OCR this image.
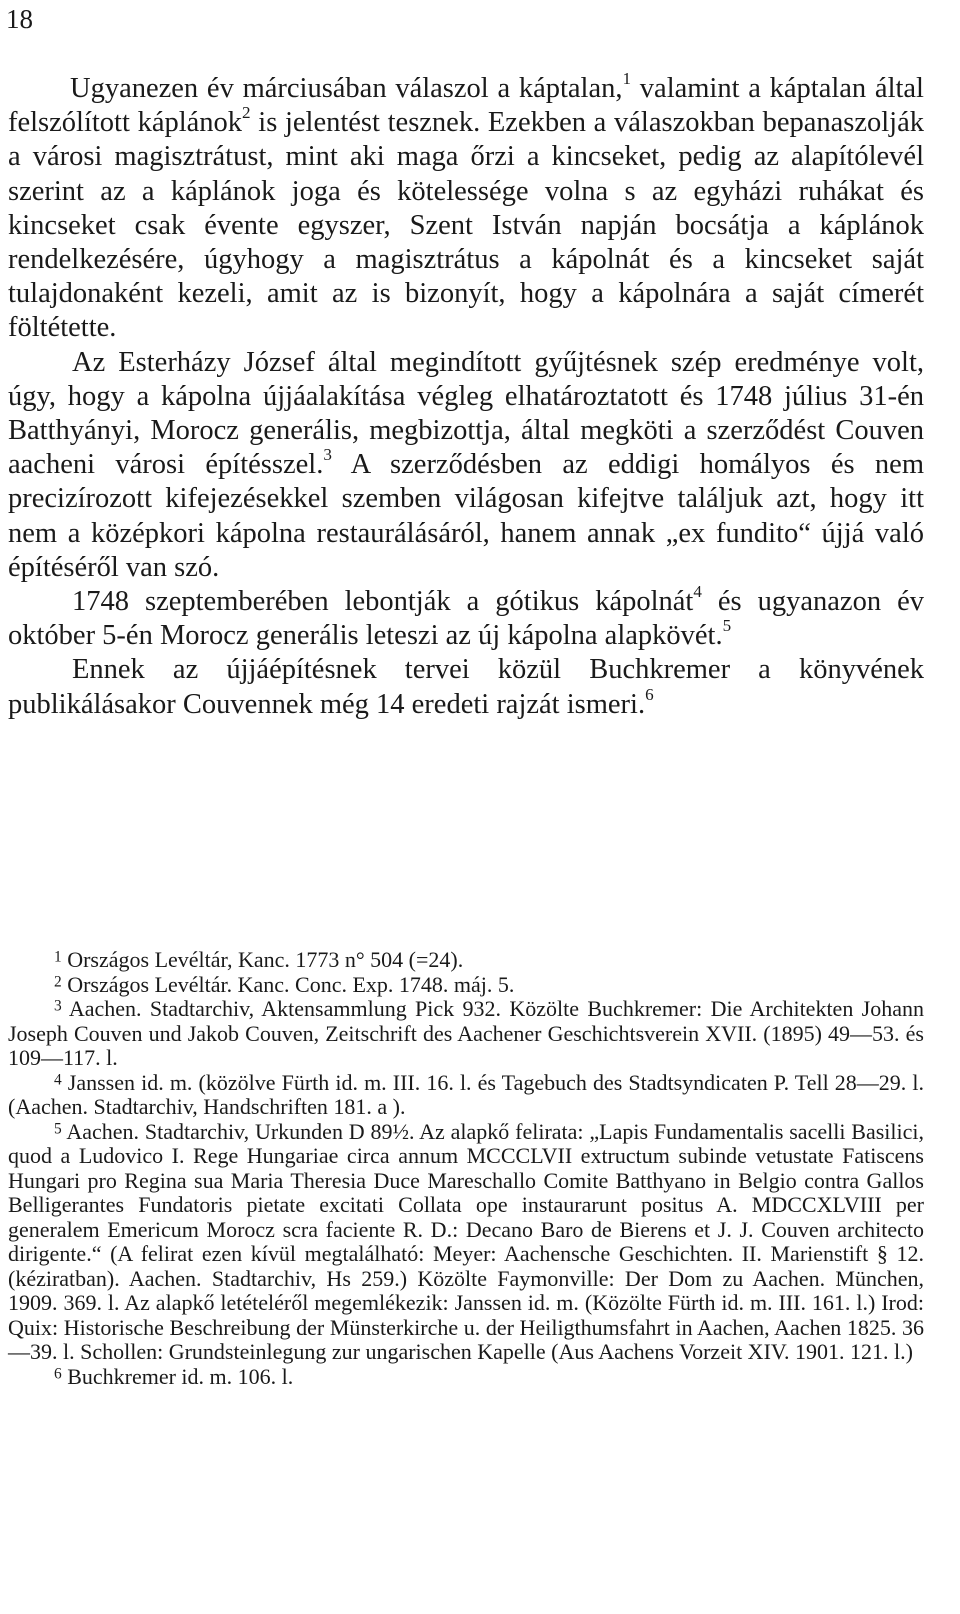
18

Ugyanezen év márciusában válaszol a káptalan,$^1$ valamint a káptalan által felszólított káplánok$^2$ is jelentést tesznek. Ezekben a válaszokban bepanaszolják a városi magisztrátust, mint aki maga őrzi a kincseket, pedig az alapítólevél szerint az a káplánok joga és kötelessége volna s az egyházi ruhákat és kincseket csak évente egyszer, Szent István napján bocsátja a káplánok rendelkezésére, úgyhogy a magisztrátus a kápolnát és a kincseket saját tulajdonaként kezeli, amit az is bizonyít, hogy a kápolnára a saját címerét föltétette.

Az Esterházy József által megindított gyűjtésnek szép eredménye volt, úgy, hogy a kápolna újjáalakítása végleg elhatároztatott és 1748 július 31-én Batthyányi, Morocz generális, megbizottja, által megköti a szerződést Couven aacheni városi építésszel.$^3$ A szerződésben az eddigi homályos és nem precizírozott kifejezésekkel szemben világosan kifejtve találjuk azt, hogy itt nem a középkori kápolna restaurálásáról, hanem annak „ex fundito“ újjá való építéséről van szó.

1748 szeptemberében lebontják a gótikus kápolnát$^4$ és ugyanazon év október 5-én Morocz generális leteszi az új kápolna alapkövét.$^5$

Ennek az újjáépítésnek tervei közül Buchkremer a könyvének publikálásakor Couvennek még 14 eredeti rajzát ismeri.$^6$

$^1$ Országos Levéltár, Kanc. 1773 n° 504 (=24).

$^2$ Országos Levéltár. Kanc. Conc. Exp. 1748. máj. 5.

$^3$ Aachen. Stadtarchiv, Aktensammlung Pick 932. Közölte Buchkremer: Die Architekten Johann Joseph Couven und Jakob Couven, Zeitschrift des Aachener Geschichtsverein XVII. (1895) 49—53. és 109—117. l.

$^4$ Janssen id. m. (közölve Fürth id. m. III. 16. l. és Tagebuch des Stadtsyndicaten P. Tell 28—29. l. (Aachen. Stadtarchiv, Handschriften 181. a ).

$^5$ Aachen. Stadtarchiv, Urkunden D 89½. Az alapkő felirata: „Lapis Fundamentalis sacelli Basilici, quod a Ludovico I. Rege Hungariae circa annum MCCCLVII extructum subinde vetustate Fatiscens Hungari pro Regina sua Maria Theresia Duce Mareschallo Comite Batthyano in Belgio contra Gallos Belligerantes Fundatoris pietate excitati Collata ope instaurarunt positus A. MDCCXLVIII per generalem Emericum Morocz scra faciente R. D.: Decano Baro de Bierens et J. J. Couven architecto dirigente.“ (A felirat ezen kívül megtalálható: Meyer: Aachensche Geschichten. II. Marienstift § 12. (kéziratban). Aachen. Stadtarchiv, Hs 259.) Közölte Faymonville: Der Dom zu Aachen. München, 1909. 369. l. Az alapkő letételéről megemlékezik: Janssen id. m. (Közölte Fürth id. m. III. 161. l.) Irod: Quix: Historische Beschreibung der Münsterkirche u. der Heiligthumsfahrt in Aachen, Aachen 1825. 36—39. l. Schollen: Grundsteinlegung zur ungarischen Kapelle (Aus Aachens Vorzeit XIV. 1901. 121. l.)

$^6$ Buchkremer id. m. 106. l.
